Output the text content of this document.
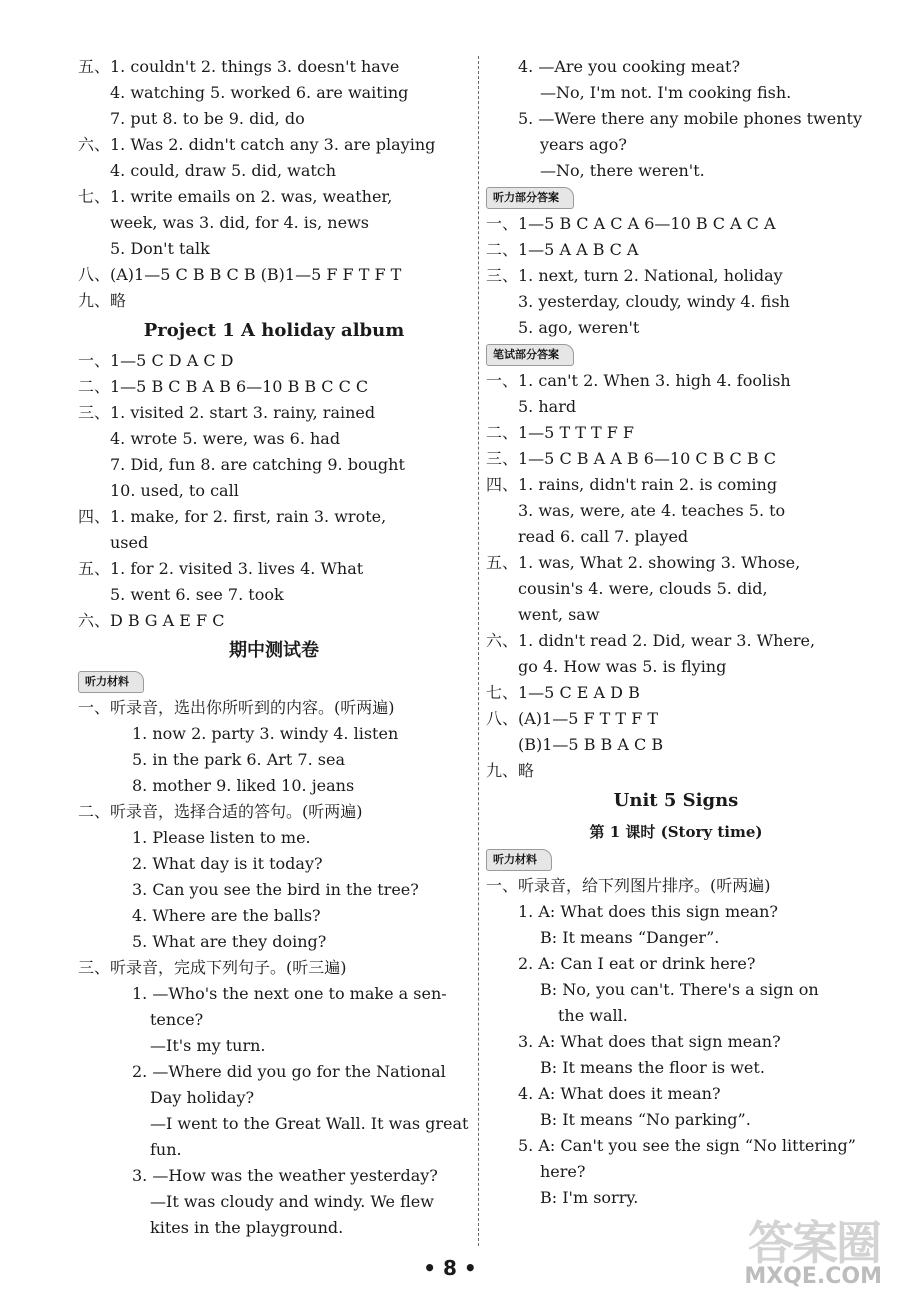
五、1. couldn't 2. things 3. doesn't have
4. watching 5. worked 6. are waiting
7. put 8. to be 9. did, do
六、1. Was 2. didn't catch any 3. are playing
4. could, draw 5. did, watch
七、1. write emails on 2. was, weather,
week, was 3. did, for 4. is, news
5. Don't talk
八、(A)1—5 C B B C B (B)1—5 F F T F T
九、略
Project 1 A holiday album
一、1—5 C D A C D
二、1—5 B C B A B 6—10 B B C C C
三、1. visited 2. start 3. rainy, rained
4. wrote 5. were, was 6. had
7. Did, fun 8. are catching 9. bought
10. used, to call
四、1. make, for 2. first, rain 3. wrote,
used
五、1. for 2. visited 3. lives 4. What
5. went 6. see 7. took
六、D B G A E F C
期中测试卷
听力材料
一、听录音，选出你所听到的内容。(听两遍)
1. now 2. party 3. windy 4. listen
5. in the park 6. Art 7. sea
8. mother 9. liked 10. jeans
二、听录音，选择合适的答句。(听两遍)
1. Please listen to me.
2. What day is it today?
3. Can you see the bird in the tree?
4. Where are the balls?
5. What are they doing?
三、听录音，完成下列句子。(听三遍)
1. —Who's the next one to make a sen-
tence?
—It's my turn.
2. —Where did you go for the National
Day holiday?
—I went to the Great Wall. It was great
fun.
3. —How was the weather yesterday?
—It was cloudy and windy. We flew
kites in the playground.
4. —Are you cooking meat?
—No, I'm not. I'm cooking fish.
5. —Were there any mobile phones twenty
years ago?
—No, there weren't.
听力部分答案
一、1—5 B C A C A 6—10 B C A C A
二、1—5 A A B C A
三、1. next, turn 2. National, holiday
3. yesterday, cloudy, windy 4. fish
5. ago, weren't
笔试部分答案
一、1. can't 2. When 3. high 4. foolish
5. hard
二、1—5 T T T F F
三、1—5 C B A A B 6—10 C B C B C
四、1. rains, didn't rain 2. is coming
3. was, were, ate 4. teaches 5. to
read 6. call 7. played
五、1. was, What 2. showing 3. Whose,
cousin's 4. were, clouds 5. did,
went, saw
六、1. didn't read 2. Did, wear 3. Where,
go 4. How was 5. is flying
七、1—5 C E A D B
八、(A)1—5 F T T F T
(B)1—5 B B A C B
九、略
Unit 5 Signs
第 1 课时 (Story time)
听力材料
一、听录音，给下列图片排序。(听两遍)
1. A: What does this sign mean?
B: It means “Danger”.
2. A: Can I eat or drink here?
B: No, you can't. There's a sign on
the wall.
3. A: What does that sign mean?
B: It means the floor is wet.
4. A: What does it mean?
B: It means “No parking”.
5. A: Can't you see the sign “No littering”
here?
B: I'm sorry.
• 8 •	答案圈
MXQE.COM
